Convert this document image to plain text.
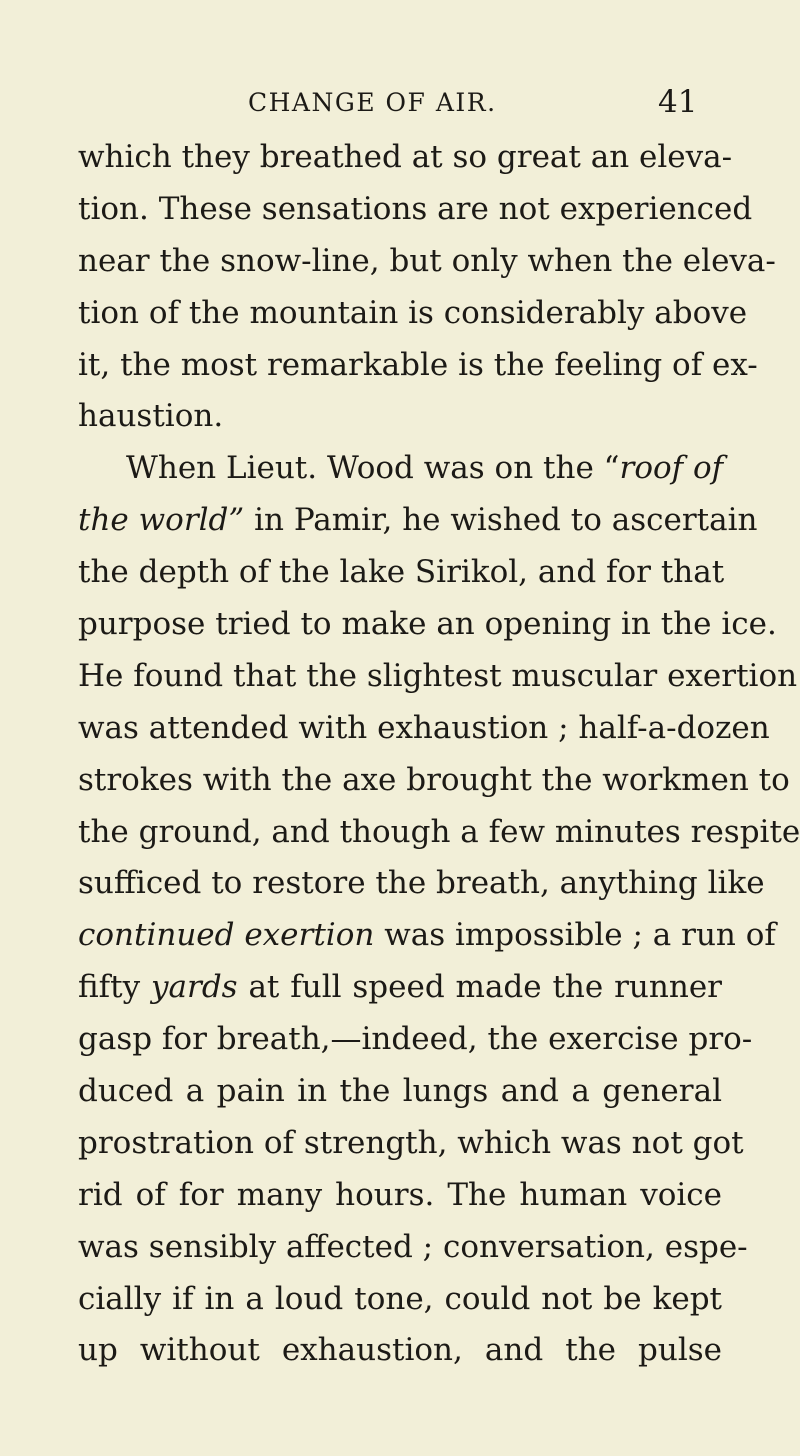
CHANGE OF AIR.	41
which they breathed at so great an eleva-
tion. These sensations are not experienced
near the snow-line, but only when the eleva-
tion of the mountain is considerably above
it, the most remarkable is the feeling of ex-
haustion.
When Lieut. Wood was on the “roof of
the world” in Pamir, he wished to ascertain
the depth of the lake Sirikol, and for that
purpose tried to make an opening in the ice.
He found that the slightest muscular exertion
was attended with exhaustion ; half-a-dozen
strokes with the axe brought the workmen to
the ground, and though a few minutes respite
sufficed to restore the breath, anything like
continued exertion was impossible ; a run of
fifty yards at full speed made the runner
gasp for breath,—indeed, the exercise pro-
duced a pain in the lungs and a general
prostration of strength, which was not got
rid of for many hours. The human voice
was sensibly affected ; conversation, espe-
cially if in a loud tone, could not be kept
up without exhaustion, and the pulse
